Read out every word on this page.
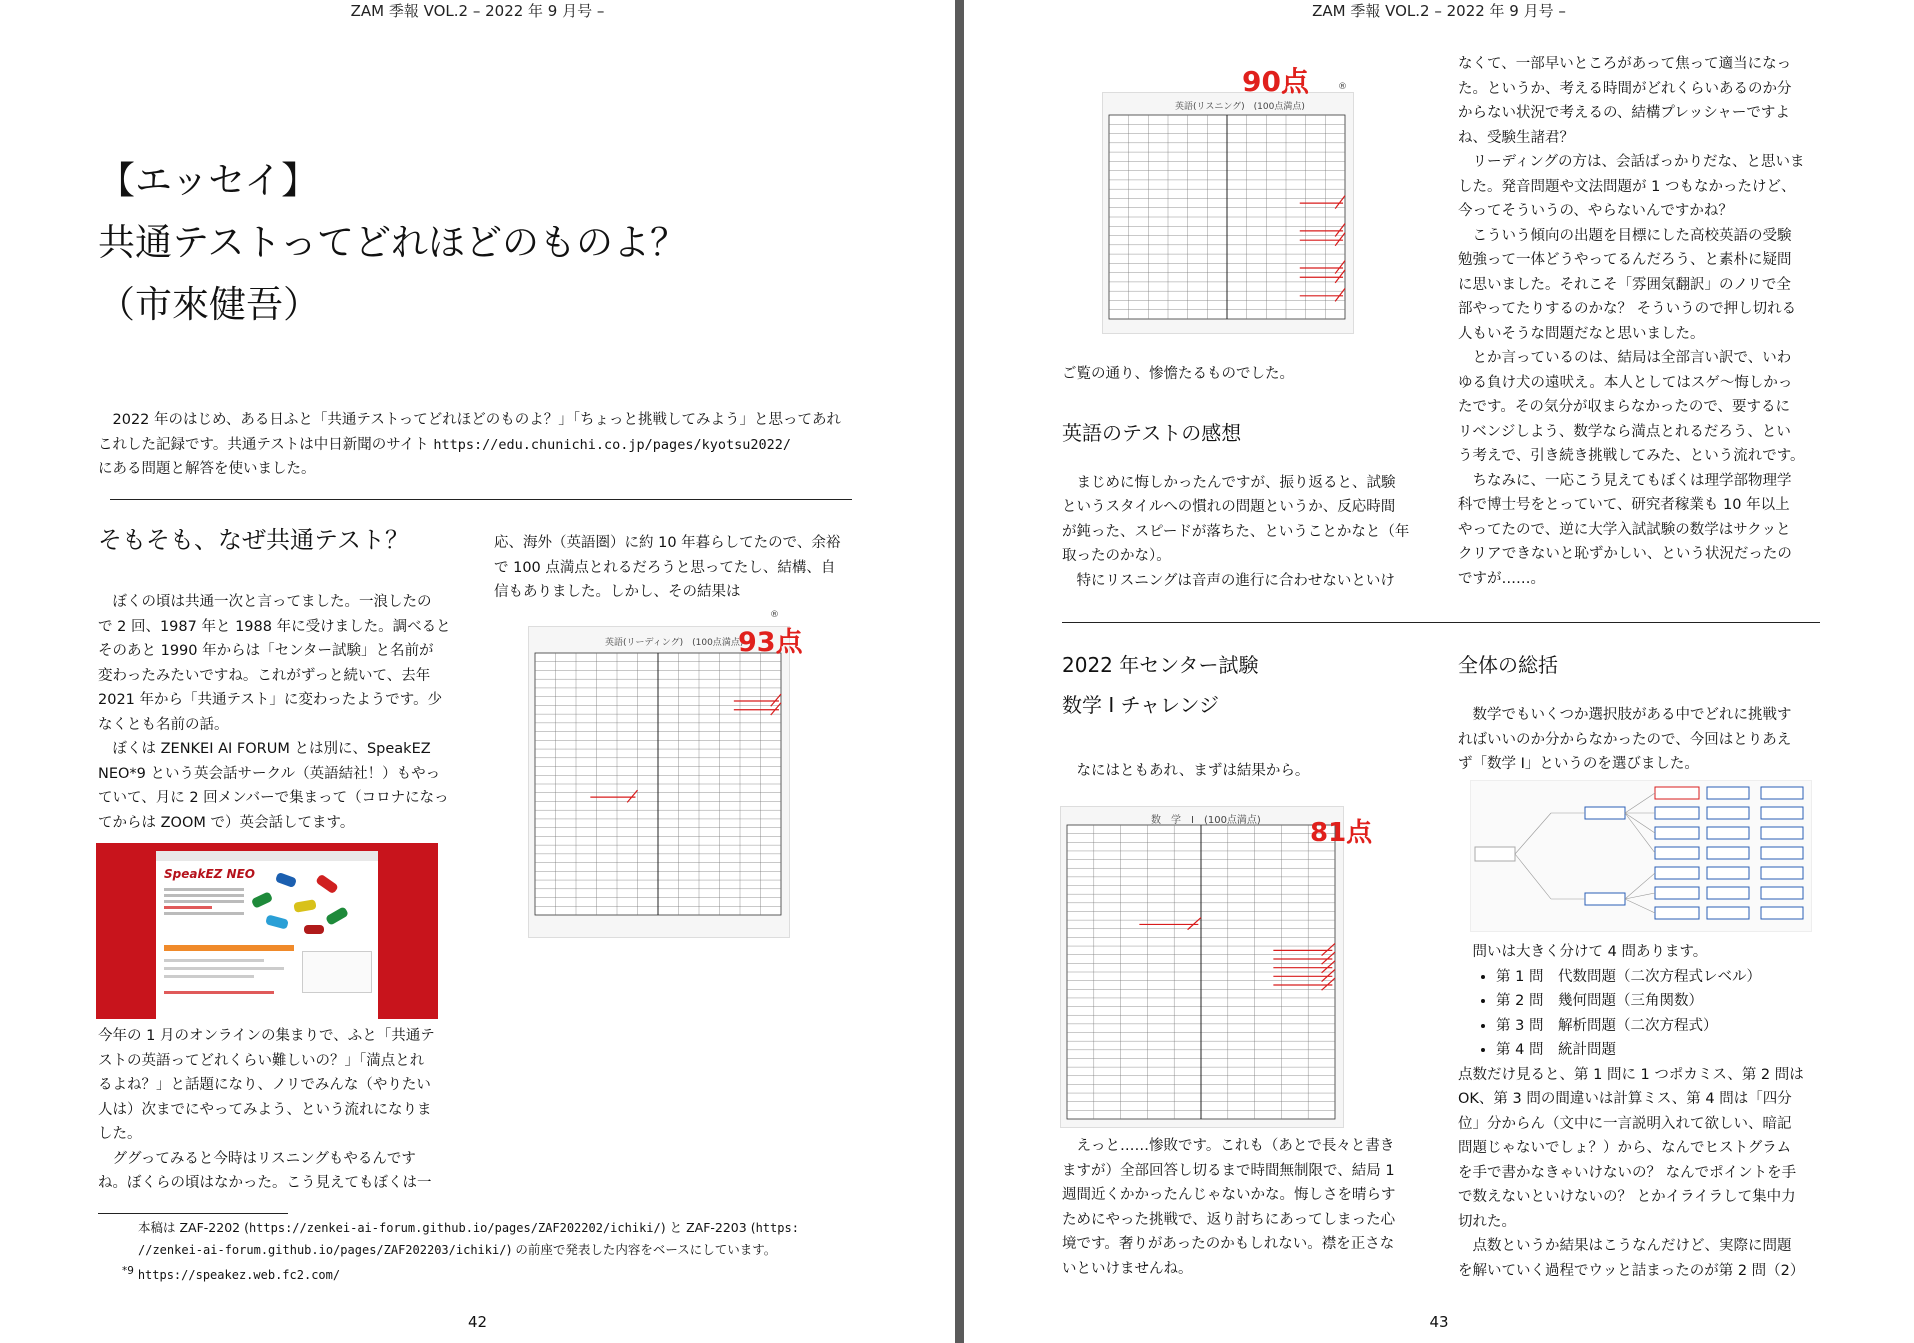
ZAM 季報 VOL.2 – 2022 年 9 月号 –
【エッセイ】
共通テストってどれほどのものよ？
（市來健吾）
2022 年のはじめ、ある日ふと「共通テストってどれほどのものよ？」「ちょっと挑戦してみよう」と思ってあれ
これした記録です。共通テストは中日新聞のサイト https://edu.chunichi.co.jp/pages/kyotsu2022/
にある問題と解答を使いました。
そもそも、なぜ共通テスト？
ぼくの頃は共通一次と言ってました。一浪したの
で 2 回、1987 年と 1988 年に受けました。調べると
そのあと 1990 年からは「センター試験」と名前が
変わったみたいですね。これがずっと続いて、去年
2021 年から「共通テスト」に変わったようです。少
なくとも名前の話。
ぼくは ZENKEI AI FORUM とは別に、SpeakEZ
NEO*9 という英会話サークル（英語結社！）もやっ
ていて、月に 2 回メンバーで集まって（コロナになっ
てからは ZOOM で）英会話してます。
SpeakEZ NEO
今年の 1 月のオンラインの集まりで、ふと「共通テ
ストの英語ってどれくらい難しいの？」「満点とれ
るよね？」と話題になり、ノリでみんな（やりたい
人は）次までにやってみよう、という流れになりま
した。
ググってみると今時はリスニングもやるんです
ね。ぼくらの頃はなかった。こう見えてもぼくは一
応、海外（英語圏）に約 10 年暮らしてたので、余裕
で 100 点満点とれるだろうと思ってたし、結構、自
信もありました。しかし、その結果は
®
英語(リーディング)　(100点満点)
93点
本稿は ZAF-2202 (https://zenkei-ai-forum.github.io/pages/ZAF202202/ichiki/) と ZAF-2203 (https:
//zenkei-ai-forum.github.io/pages/ZAF202203/ichiki/) の前座で発表した内容をベースにしています。
$^{*9}$ https://speakez.web.fc2.com/
42
ZAM 季報 VOL.2 – 2022 年 9 月号 –
英語(リスニング)　(100点満点)
90点	®
ご覧の通り、惨憺たるものでした。
英語のテストの感想
まじめに悔しかったんですが、振り返ると、試験
というスタイルへの慣れの問題というか、反応時間
が鈍った、スピードが落ちた、ということかなと（年
取ったのかな）。
特にリスニングは音声の進行に合わせないといけ
なくて、一部早いところがあって焦って適当になっ
た。というか、考える時間がどれくらいあるのか分
からない状況で考えるの、結構プレッシャーですよ
ね、受験生諸君？
リーディングの方は、会話ばっかりだな、と思いま
した。発音問題や文法問題が 1 つもなかったけど、
今ってそういうの、やらないんですかね？
こういう傾向の出題を目標にした高校英語の受験
勉強って一体どうやってるんだろう、と素朴に疑問
に思いました。それこそ「雰囲気翻訳」のノリで全
部やってたりするのかな？ そういうので押し切れる
人もいそうな問題だなと思いました。
とか言っているのは、結局は全部言い訳で、いわ
ゆる負け犬の遠吠え。本人としてはスゲ〜悔しかっ
たです。その気分が収まらなかったので、要するに
リベンジしよう、数学なら満点とれるだろう、とい
う考えで、引き続き挑戦してみた、という流れです。
ちなみに、一応こう見えてもぼくは理学部物理学
科で博士号をとっていて、研究者稼業も 10 年以上
やってたので、逆に大学入試試験の数学はサクッと
クリアできないと恥ずかしい、という状況だったの
ですが……。
2022 年センター試験
数学 I チャレンジ
なにはともあれ、まずは結果から。
数　学　Ⅰ　(100点満点) 81点
えっと……惨敗です。これも（あとで長々と書き
ますが）全部回答し切るまで時間無制限で、結局 1
週間近くかかったんじゃないかな。悔しさを晴らす
ためにやった挑戦で、返り討ちにあってしまった心
境です。奢りがあったのかもしれない。襟を正さな
いといけませんね。
全体の総括
数学でもいくつか選択肢がある中でどれに挑戦す
ればいいのか分からなかったので、今回はとりあえ
ず「数学 I」というのを選びました。
問いは大きく分けて 4 問あります。
• 第 1 問　代数問題（二次方程式レベル）
• 第 2 問　幾何問題（三角関数）
• 第 3 問　解析問題（二次方程式）
• 第 4 問　統計問題
点数だけ見ると、第 1 問に 1 つポカミス、第 2 問は
OK、第 3 問の間違いは計算ミス、第 4 問は「四分
位」分からん（文中に一言説明入れて欲しい、暗記
問題じゃないでしょ？）から、なんでヒストグラム
を手で書かなきゃいけないの？ なんでポイントを手
で数えないといけないの？ とかイライラして集中力
切れた。
点数というか結果はこうなんだけど、実際に問題
を解いていく過程でウッと詰まったのが第 2 問（2）
43
